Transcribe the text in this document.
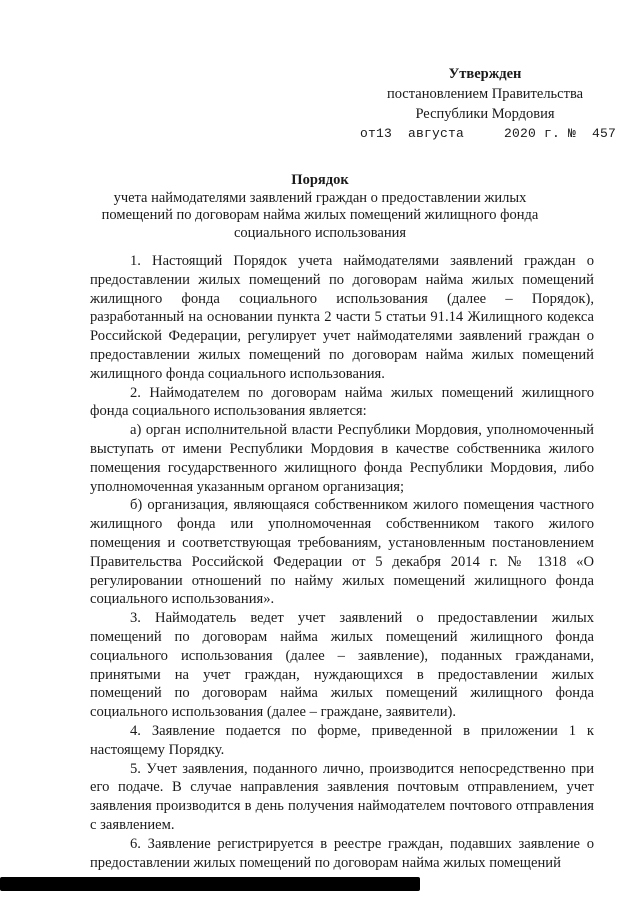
Утвержден
постановлением Правительства
Республики Мордовия
от13  августа     2020 г. №  457
Порядок
учета наймодателями заявлений граждан о предоставлении жилых помещений по договорам найма жилых помещений жилищного фонда социального использования

1. Настоящий Порядок учета наймодателями заявлений граждан о предоставлении жилых помещений по договорам найма жилых помещений жилищного фонда социального использования (далее – Порядок), разработанный на основании пункта 2 части 5 статьи 91.14 Жилищного кодекса Российской Федерации, регулирует учет наймодателями заявлений граждан о предоставлении жилых помещений по договорам найма жилых помещений жилищного фонда социального использования.

2. Наймодателем по договорам найма жилых помещений жилищного фонда социального использования является:

а) орган исполнительной власти Республики Мордовия, уполномоченный выступать от имени Республики Мордовия в качестве собственника жилого помещения государственного жилищного фонда Республики Мордовия, либо уполномоченная указанным органом организация;

б) организация, являющаяся собственником жилого помещения частного жилищного фонда или уполномоченная собственником такого жилого помещения и соответствующая требованиям, установленным постановлением Правительства Российской Федерации от 5 декабря 2014 г. № 1318 «О регулировании отношений по найму жилых помещений жилищного фонда социального использования».

3. Наймодатель ведет учет заявлений о предоставлении жилых помещений по договорам найма жилых помещений жилищного фонда социального использования (далее – заявление), поданных гражданами, принятыми на учет граждан, нуждающихся в предоставлении жилых помещений по договорам найма жилых помещений жилищного фонда социального использования (далее – граждане, заявители).

4. Заявление подается по форме, приведенной в приложении 1 к настоящему Порядку.

5. Учет заявления, поданного лично, производится непосредственно при его подаче. В случае направления заявления почтовым отправлением, учет заявления производится в день получения наймодателем почтового отправления с заявлением.

6. Заявление регистрируется в реестре граждан, подавших заявление о предоставлении жилых помещений по договорам найма жилых помещений
